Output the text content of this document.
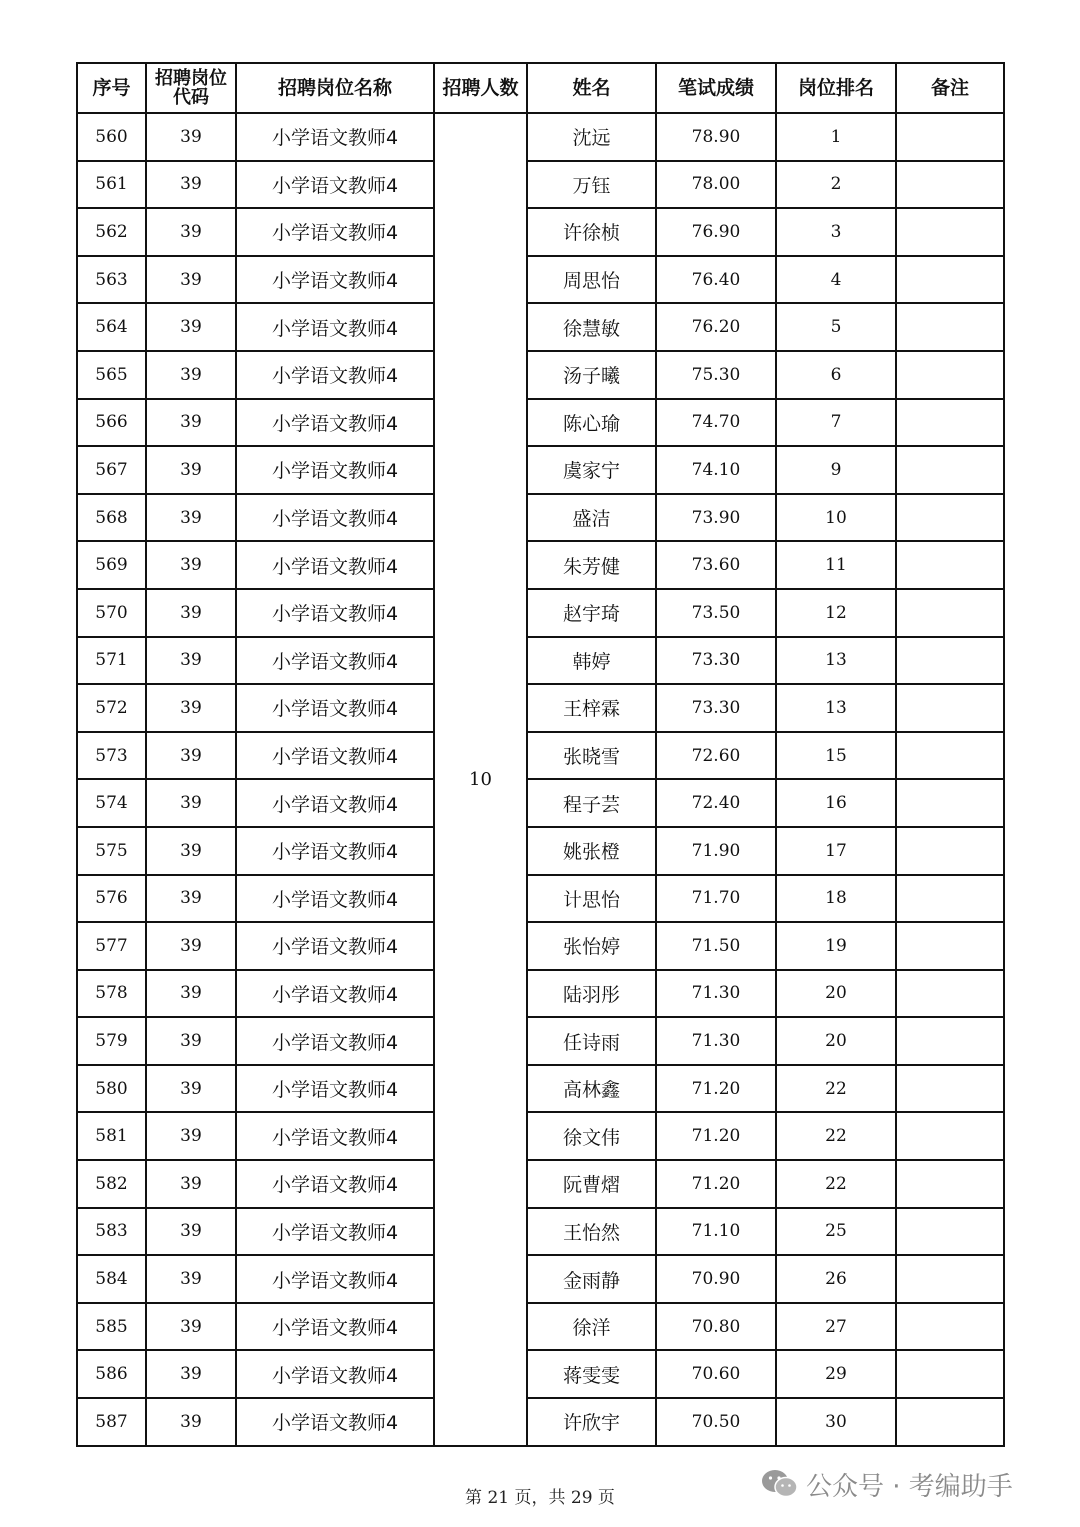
序号	招聘岗位代码	招聘岗位名称	招聘人数	姓名	笔试成绩	岗位排名	备注
560	39	小学语文教师4	10	沈远	78.90	1	
561	39	小学语文教师4		万钰	78.00	2	
562	39	小学语文教师4		许徐桢	76.90	3	
563	39	小学语文教师4		周思怡	76.40	4	
564	39	小学语文教师4		徐慧敏	76.20	5	
565	39	小学语文教师4		汤子曦	75.30	6	
566	39	小学语文教师4		陈心瑜	74.70	7	
567	39	小学语文教师4		虞家宁	74.10	9	
568	39	小学语文教师4		盛洁	73.90	10	
569	39	小学语文教师4		朱芳健	73.60	11	
570	39	小学语文教师4		赵宇琦	73.50	12	
571	39	小学语文教师4		韩婷	73.30	13	
572	39	小学语文教师4		王梓霖	73.30	13	
573	39	小学语文教师4		张晓雪	72.60	15	
574	39	小学语文教师4		程子芸	72.40	16	
575	39	小学语文教师4		姚张橙	71.90	17	
576	39	小学语文教师4		计思怡	71.70	18	
577	39	小学语文教师4		张怡婷	71.50	19	
578	39	小学语文教师4		陆羽彤	71.30	20	
579	39	小学语文教师4		任诗雨	71.30	20	
580	39	小学语文教师4		高林鑫	71.20	22	
581	39	小学语文教师4		徐文伟	71.20	22	
582	39	小学语文教师4		阮曹熠	71.20	22	
583	39	小学语文教师4		王怡然	71.10	25	
584	39	小学语文教师4		金雨静	70.90	26	
585	39	小学语文教师4		徐洋	70.80	27	
586	39	小学语文教师4		蒋雯雯	70.60	29	
587	39	小学语文教师4		许欣宇	70.50	30	
第 21 页，共 29 页	公众号 · 考编助手
